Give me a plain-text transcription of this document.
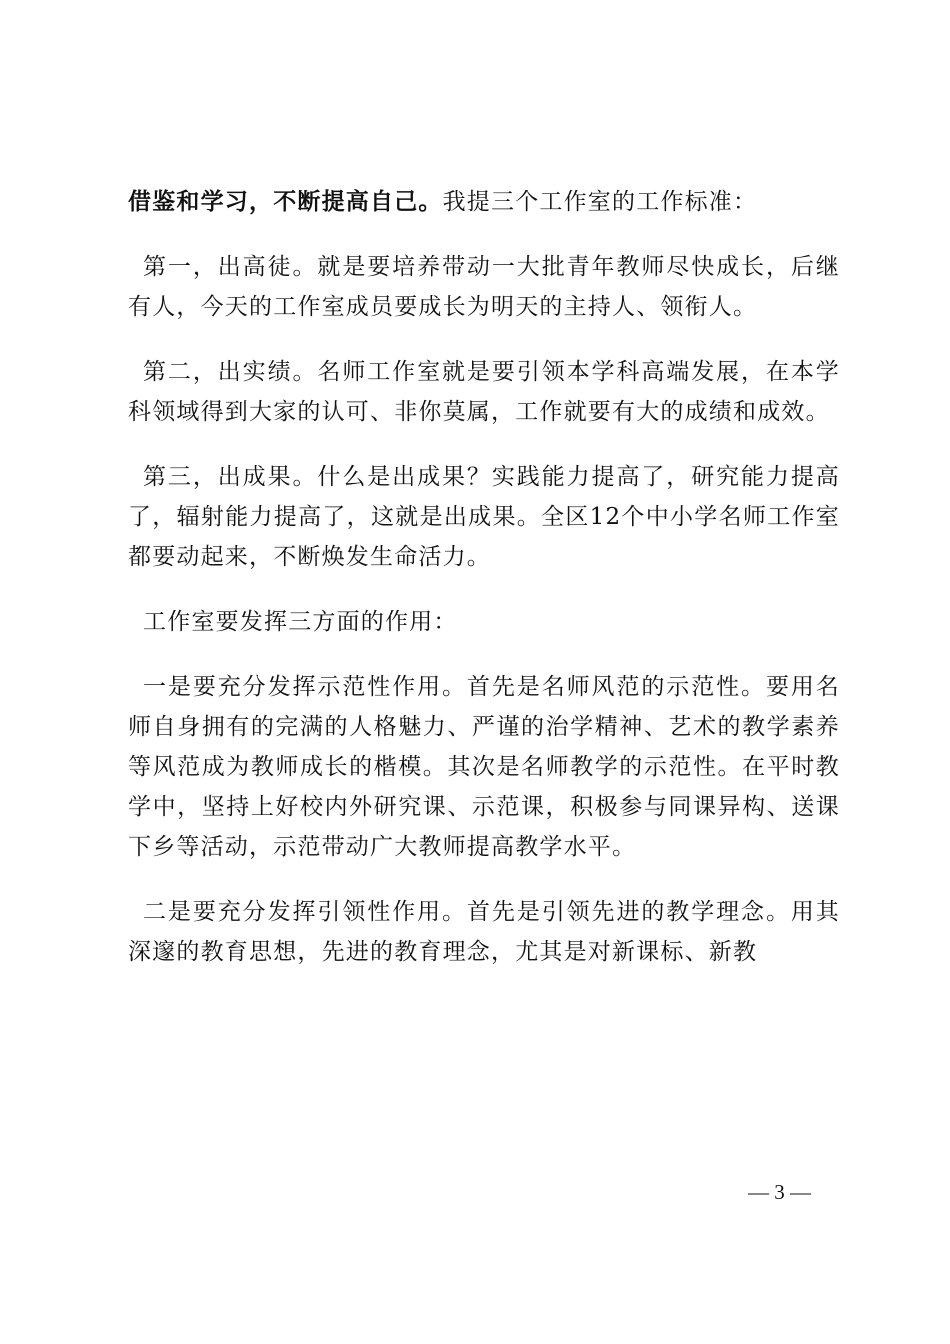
借鉴和学习，不断提高自己。我提三个工作室的工作标准：

第一，出高徒。就是要培养带动一大批青年教师尽快成长，后继有人，今天的工作室成员要成长为明天的主持人、领衔人。

第二，出实绩。名师工作室就是要引领本学科高端发展，在本学科领域得到大家的认可、非你莫属，工作就要有大的成绩和成效。

第三，出成果。什么是出成果？实践能力提高了，研究能力提高了，辐射能力提高了，这就是出成果。全区12个中小学名师工作室都要动起来，不断焕发生命活力。

工作室要发挥三方面的作用：

一是要充分发挥示范性作用。首先是名师风范的示范性。要用名师自身拥有的完满的人格魅力、严谨的治学精神、艺术的教学素养等风范成为教师成长的楷模。其次是名师教学的示范性。在平时教学中，坚持上好校内外研究课、示范课，积极参与同课异构、送课下乡等活动，示范带动广大教师提高教学水平。

二是要充分发挥引领性作用。首先是引领先进的教学理念。用其深邃的教育思想，先进的教育理念，尤其是对新课标、新教

— 3 —
